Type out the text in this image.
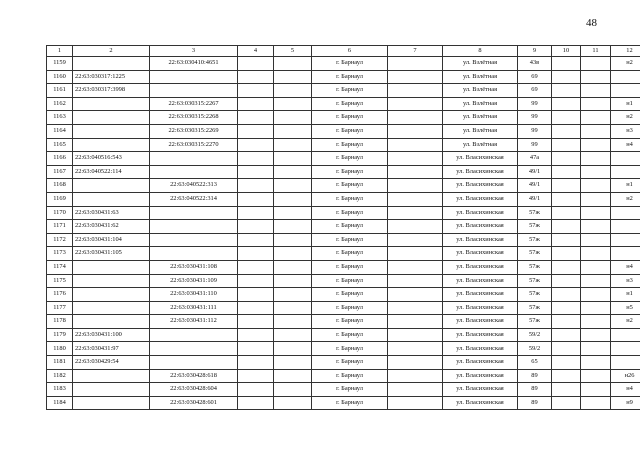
48
1	2	3	4	5	6	7	8	9	10	11	12
1159		22:63:030410:4651			г. Барнаул		ул. Взлётная	43в			н2
1160	22:63:030317:1225				г. Барнаул		ул. Взлётная	69			
1161	22:63:030317:3998				г. Барнаул		ул. Взлётная	69			
1162		22:63:030315:2267			г. Барнаул		ул. Взлётная	99			н1
1163		22:63:030315:2268			г. Барнаул		ул. Взлётная	99			н2
1164		22:63:030315:2269			г. Барнаул		ул. Взлётная	99			н3
1165		22:63:030315:2270			г. Барнаул		ул. Взлётная	99			н4
1166	22:63:040516:543				г. Барнаул		ул. Власихинская	47а			
1167	22:63:040522:114				г. Барнаул		ул. Власихинская	49/1			
1168		22:63:040522:313			г. Барнаул		ул. Власихинская	49/1			н1
1169		22:63:040522:314			г. Барнаул		ул. Власихинская	49/1			н2
1170	22:63:030431:63				г. Барнаул		ул. Власихинская	57ж			
1171	22:63:030431:62				г. Барнаул		ул. Власихинская	57ж			
1172	22:63:030431:104				г. Барнаул		ул. Власихинская	57ж			
1173	22:63:030431:105				г. Барнаул		ул. Власихинская	57ж			
1174		22:63:030431:108			г. Барнаул		ул. Власихинская	57ж			н4
1175		22:63:030431:109			г. Барнаул		ул. Власихинская	57ж			н3
1176		22:63:030431:110			г. Барнаул		ул. Власихинская	57ж			н1
1177		22:63:030431:111			г. Барнаул		ул. Власихинская	57ж			н5
1178		22:63:030431:112			г. Барнаул		ул. Власихинская	57ж			н2
1179	22:63:030431:100				г. Барнаул		ул. Власихинская	59/2			
1180	22:63:030431:97				г. Барнаул		ул. Власихинская	59/2			
1181	22:63:030429:54				г. Барнаул		ул. Власихинская	65			
1182		22:63:030428:618			г. Барнаул		ул. Власихинская	89			н26
1183		22:63:030428:604			г. Барнаул		ул. Власихинская	89			н4
1184		22:63:030428:601			г. Барнаул		ул. Власихинская	89			н9
